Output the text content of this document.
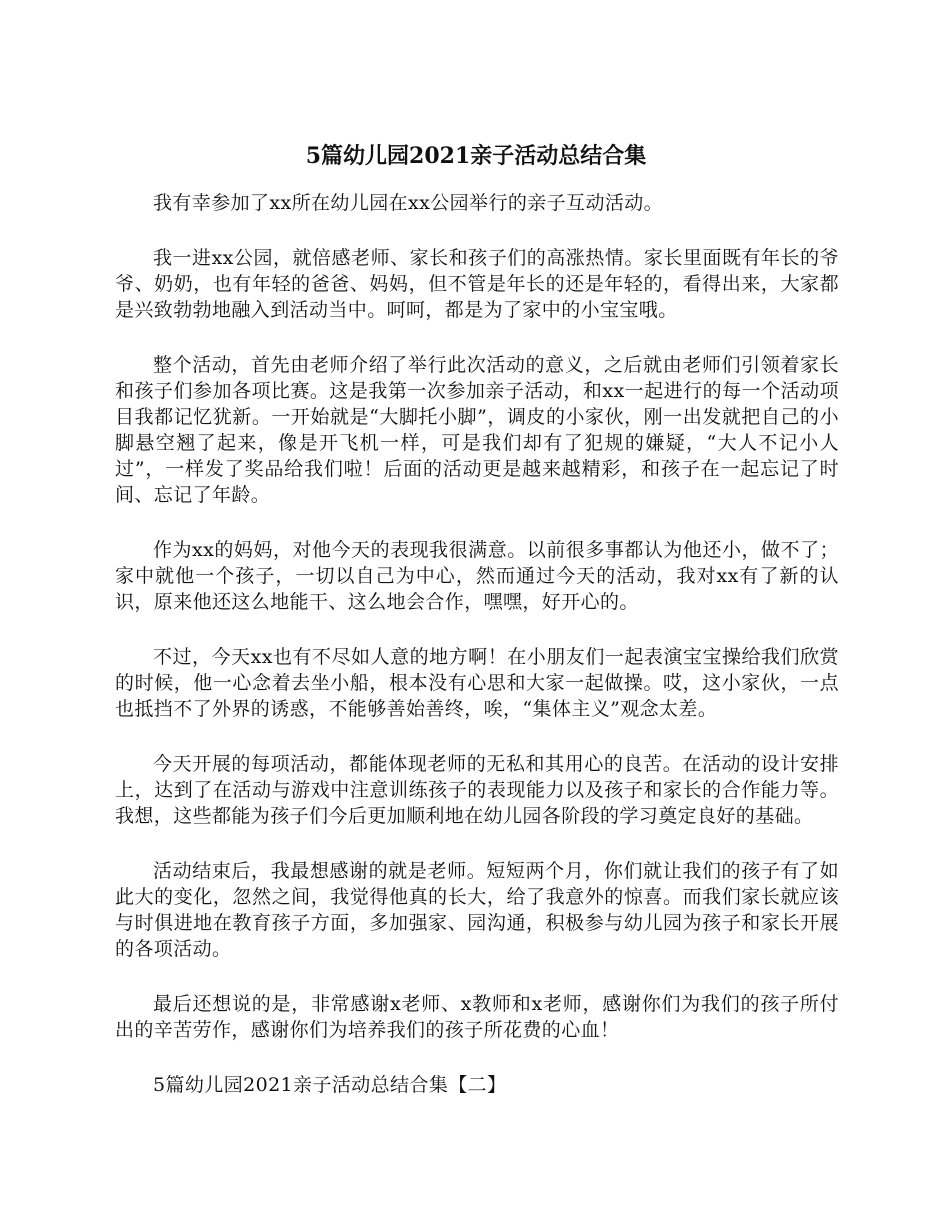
5篇幼儿园2021亲子活动总结合集

我有幸参加了xx所在幼儿园在xx公园举行的亲子互动活动。

我一进xx公园，就倍感老师、家长和孩子们的高涨热情。家长里面既有年长的爷爷、奶奶，也有年轻的爸爸、妈妈，但不管是年长的还是年轻的，看得出来，大家都是兴致勃勃地融入到活动当中。呵呵，都是为了家中的小宝宝哦。

整个活动，首先由老师介绍了举行此次活动的意义，之后就由老师们引领着家长和孩子们参加各项比赛。这是我第一次参加亲子活动，和xx一起进行的每一个活动项目我都记忆犹新。一开始就是“大脚托小脚”，调皮的小家伙，刚一出发就把自己的小脚悬空翘了起来，像是开飞机一样，可是我们却有了犯规的嫌疑，“大人不记小人过”，一样发了奖品给我们啦！后面的活动更是越来越精彩，和孩子在一起忘记了时间、忘记了年龄。

作为xx的妈妈，对他今天的表现我很满意。以前很多事都认为他还小，做不了；家中就他一个孩子，一切以自己为中心，然而通过今天的活动，我对xx有了新的认识，原来他还这么地能干、这么地会合作，嘿嘿，好开心的。

不过，今天xx也有不尽如人意的地方啊！在小朋友们一起表演宝宝操给我们欣赏的时候，他一心念着去坐小船，根本没有心思和大家一起做操。哎，这小家伙，一点也抵挡不了外界的诱惑，不能够善始善终，唉，“集体主义”观念太差。

今天开展的每项活动，都能体现老师的无私和其用心的良苦。在活动的设计安排上，达到了在活动与游戏中注意训练孩子的表现能力以及孩子和家长的合作能力等。我想，这些都能为孩子们今后更加顺利地在幼儿园各阶段的学习奠定良好的基础。

活动结束后，我最想感谢的就是老师。短短两个月，你们就让我们的孩子有了如此大的变化，忽然之间，我觉得他真的长大，给了我意外的惊喜。而我们家长就应该与时俱进地在教育孩子方面，多加强家、园沟通，积极参与幼儿园为孩子和家长开展的各项活动。

最后还想说的是，非常感谢x老师、x教师和x老师，感谢你们为我们的孩子所付出的辛苦劳作，感谢你们为培养我们的孩子所花费的心血！

5篇幼儿园2021亲子活动总结合集【二】
